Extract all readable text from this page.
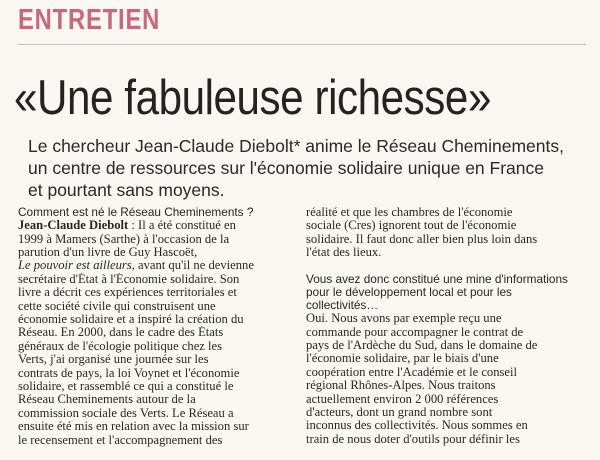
ENTRETIEN
«Une fabuleuse richesse»
Le chercheur Jean-Claude Diebolt* anime le Réseau Cheminements,
un centre de ressources sur l'économie solidaire unique en France
et pourtant sans moyens.
Comment est né le Réseau Cheminements ?
Jean-Claude Diebolt : Il a été constitué en
1999 à Mamers (Sarthe) à l'occasion de la
parution d'un livre de Guy Hascoët,
Le pouvoir est ailleurs, avant qu'il ne devienne
secrétaire d'État à l'Économie solidaire. Son
livre a décrit ces expériences territoriales et
cette société civile qui construisent une
économie solidaire et a inspiré la création du
Réseau. En 2000, dans le cadre des États
généraux de l'écologie politique chez les
Verts, j'ai organisé une journée sur les
contrats de pays, la loi Voynet et l'économie
solidaire, et rassemblé ce qui a constitué le
Réseau Cheminements autour de la
commission sociale des Verts. Le Réseau a
ensuite été mis en relation avec la mission sur
le recensement et l'accompagnement des
réalité et que les chambres de l'économie
sociale (Cres) ignorent tout de l'économie
solidaire. Il faut donc aller bien plus loin dans
l'état des lieux.
Vous avez donc constitué une mine d'informations
pour le développement local et pour les
collectivités…
Oui. Nous avons par exemple reçu une
commande pour accompagner le contrat de
pays de l'Ardèche du Sud, dans le domaine de
l'économie solidaire, par le biais d'une
coopération entre l'Académie et le conseil
régional Rhônes-Alpes. Nous traitons
actuellement environ 2 000 références
d'acteurs, dont un grand nombre sont
inconnus des collectivités. Nous sommes en
train de nous doter d'outils pour définir les
